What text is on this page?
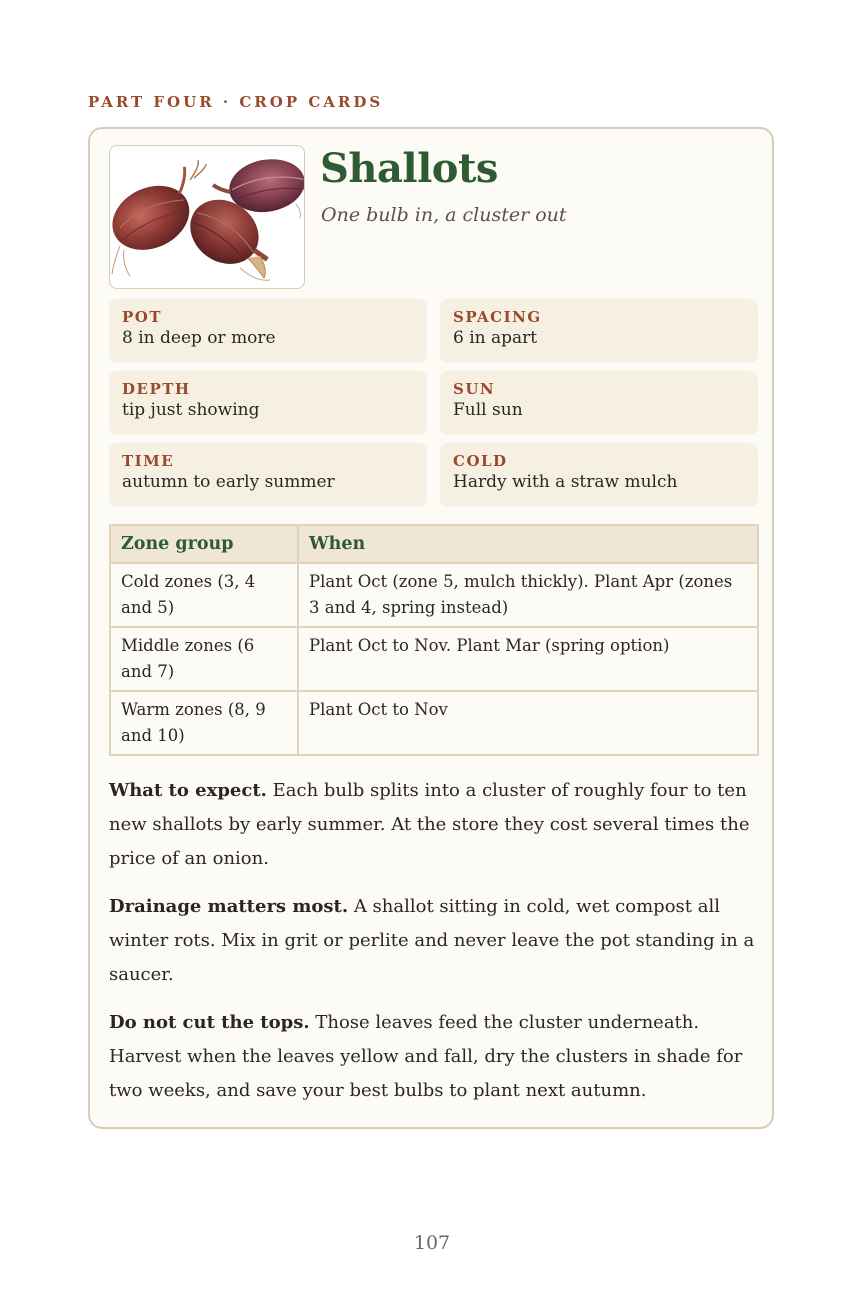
PART FOUR · CROP CARDS
Shallots
One bulb in, a cluster out
POT
8 in deep or more
SPACING
6 in apart
DEPTH
tip just showing
SUN
Full sun
TIME
autumn to early summer
COLD
Hardy with a straw mulch
Zone group	When
Cold zones (3, 4 and 5)	Plant Oct (zone 5, mulch thickly). Plant Apr (zones 3 and 4, spring instead)
Middle zones (6 and 7)	Plant Oct to Nov. Plant Mar (spring option)
Warm zones (8, 9 and 10)	Plant Oct to Nov

What to expect. Each bulb splits into a cluster of roughly four to ten new shallots by early summer. At the store they cost several times the price of an onion.

Drainage matters most. A shallot sitting in cold, wet compost all winter rots. Mix in grit or perlite and never leave the pot standing in a saucer.

Do not cut the tops. Those leaves feed the cluster underneath. Harvest when the leaves yellow and fall, dry the clusters in shade for two weeks, and save your best bulbs to plant next autumn.

107
